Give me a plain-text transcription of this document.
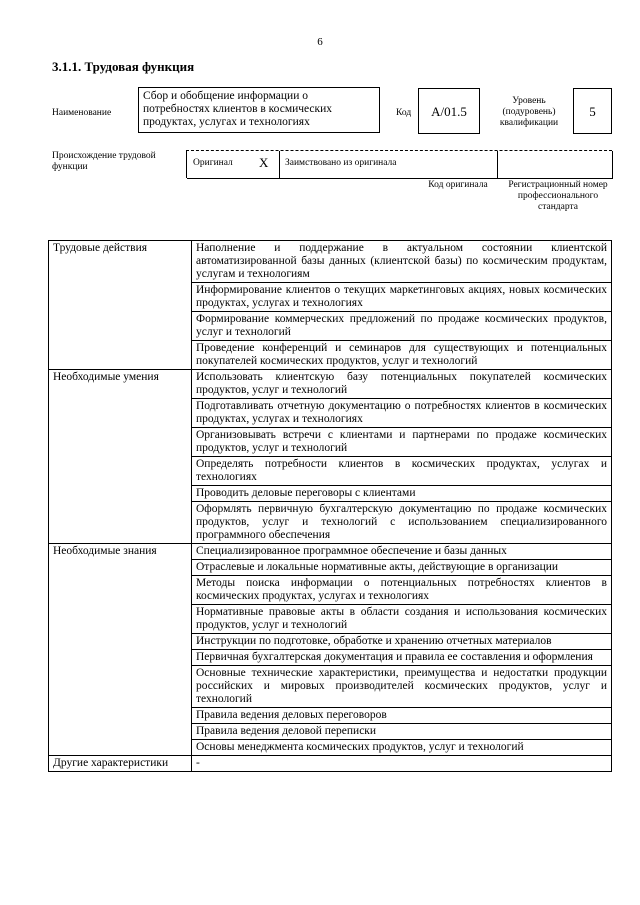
6
3.1.1. Трудовая функция
Наименование
Сбор и обобщение информации о потребностях клиентов в космических продуктах, услугах и технологиях
Код	A/01.5
Уровень (подуровень) квалификации
5
Происхождение трудовой функции	Оригинал X Заимствовано из оригинала
Код оригинала	Регистрационный номер профессионального стандарта
Трудовые действия	Наполнение и поддержание в актуальном состоянии клиентской автоматизированной базы данных (клиентской базы) по космическим продуктам, услугам и технологиям
	Информирование клиентов о текущих маркетинговых акциях, новых космических продуктах, услугах и технологиях
	Формирование коммерческих предложений по продаже космических продуктов, услуг и технологий
	Проведение конференций и семинаров для существующих и потенциальных покупателей космических продуктов, услуг и технологий
Необходимые умения	Использовать клиентскую базу потенциальных покупателей космических продуктов, услуг и технологий
	Подготавливать отчетную документацию о потребностях клиентов в космических продуктах, услугах и технологиях
	Организовывать встречи с клиентами и партнерами по продаже космических продуктов, услуг и технологий
	Определять потребности клиентов в космических продуктах, услугах и технологиях
	Проводить деловые переговоры с клиентами
	Оформлять первичную бухгалтерскую документацию по продаже космических продуктов, услуг и технологий с использованием специализированного программного обеспечения
Необходимые знания	Специализированное программное обеспечение и базы данных
	Отраслевые и локальные нормативные акты, действующие в организации
	Методы поиска информации о потенциальных потребностях клиентов в космических продуктах, услугах и технологиях
	Нормативные правовые акты в области создания и использования космических продуктов, услуг и технологий
	Инструкции по подготовке, обработке и хранению отчетных материалов
	Первичная бухгалтерская документация и правила ее составления и оформления
	Основные технические характеристики, преимущества и недостатки продукции российских и мировых производителей космических продуктов, услуг и технологий
	Правила ведения деловых переговоров
	Правила ведения деловой переписки
	Основы менеджмента космических продуктов, услуг и технологий
Другие характеристики	-
